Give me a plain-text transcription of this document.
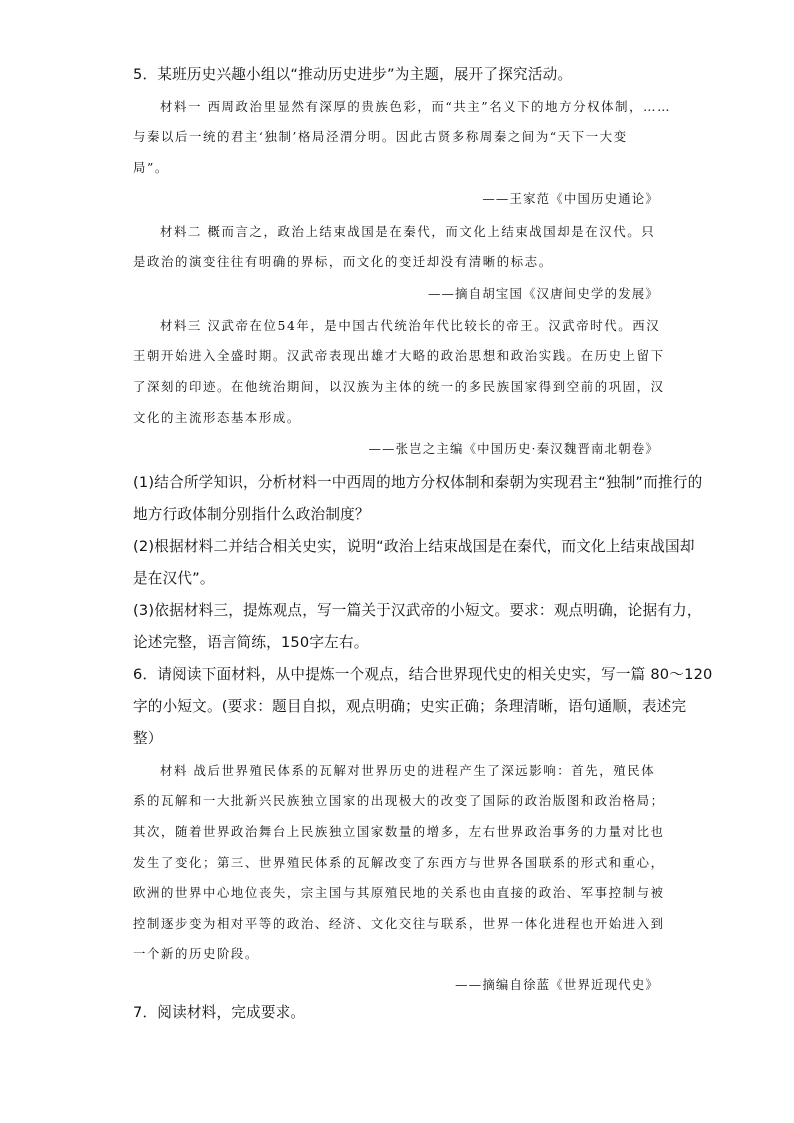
5．某班历史兴趣小组以“推动历史进步”为主题，展开了探究活动。
材料一 西周政治里显然有深厚的贵族色彩，而“共主”名义下的地方分权体制，……
与秦以后一统的君主‘独制’格局泾渭分明。因此古贤多称周秦之间为“天下一大变
局”。
——王家范《中国历史通论》
材料二 概而言之，政治上结束战国是在秦代，而文化上结束战国却是在汉代。只
是政治的演变往往有明确的界标，而文化的变迁却没有清晰的标志。
——摘自胡宝国《汉唐间史学的发展》
材料三 汉武帝在位54年，是中国古代统治年代比较长的帝王。汉武帝时代。西汉
王朝开始进入全盛时期。汉武帝表现出雄才大略的政治思想和政治实践。在历史上留下
了深刻的印迹。在他统治期间，以汉族为主体的统一的多民族国家得到空前的巩固，汉
文化的主流形态基本形成。
——张岂之主编《中国历史·秦汉魏晋南北朝卷》
(1)结合所学知识，分析材料一中西周的地方分权体制和秦朝为实现君主“独制”而推行的
地方行政体制分别指什么政治制度？
(2)根据材料二并结合相关史实，说明“政治上结束战国是在秦代，而文化上结束战国却
是在汉代”。
(3)依据材料三，提炼观点，写一篇关于汉武帝的小短文。要求：观点明确，论据有力，
论述完整，语言简练，150字左右。
6．请阅读下面材料，从中提炼一个观点，结合世界现代史的相关史实，写一篇 80～120
字的小短文。(要求：题目自拟，观点明确；史实正确；条理清晰，语句通顺，表述完
整）
材料 战后世界殖民体系的瓦解对世界历史的进程产生了深远影响：首先，殖民体
系的瓦解和一大批新兴民族独立国家的出现极大的改变了国际的政治版图和政治格局；
其次，随着世界政治舞台上民族独立国家数量的增多，左右世界政治事务的力量对比也
发生了变化；第三、世界殖民体系的瓦解改变了东西方与世界各国联系的形式和重心，
欧洲的世界中心地位丧失，宗主国与其原殖民地的关系也由直接的政治、军事控制与被
控制逐步变为相对平等的政治、经济、文化交往与联系，世界一体化进程也开始进入到
一个新的历史阶段。
——摘编自徐蓝《世界近现代史》
7．阅读材料，完成要求。
